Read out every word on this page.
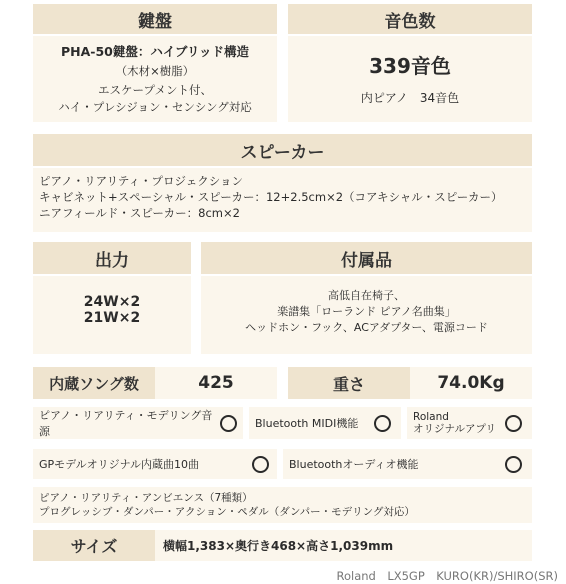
鍵盤
PHA-50鍵盤：ハイブリッド構造
（木材×樹脂）
エスケープメント付、
ハイ・プレシジョン・センシング対応
音色数
339音色
内ピアノ　34音色
スピーカー
ピアノ・リアリティ・プロジェクション
キャビネット+スペーシャル・スピーカー：12+2.5cm×2（コアキシャル・スピーカー）
ニアフィールド・スピーカー：8cm×2
出力
24W×2
21W×2
付属品
高低自在椅子、
楽譜集「ローランド ピアノ名曲集」
ヘッドホン・フック、ACアダプター、電源コード
内蔵ソング数	425	重さ	74.0Kg
ピアノ・リアリティ・モデリング音源
Bluetooth MIDI機能	Roland
オリジナルアプリ
GPモデルオリジナル内蔵曲10曲	Bluetoothオーディオ機能
ピアノ・リアリティ・アンビエンス（7種類）
プログレッシブ・ダンパー・アクション・ペダル（ダンパー・モデリング対応）
サイズ	横幅1,383×奥行き468×高さ1,039mm
Roland　LX5GP　KURO(KR)/SHIRO(SR)
